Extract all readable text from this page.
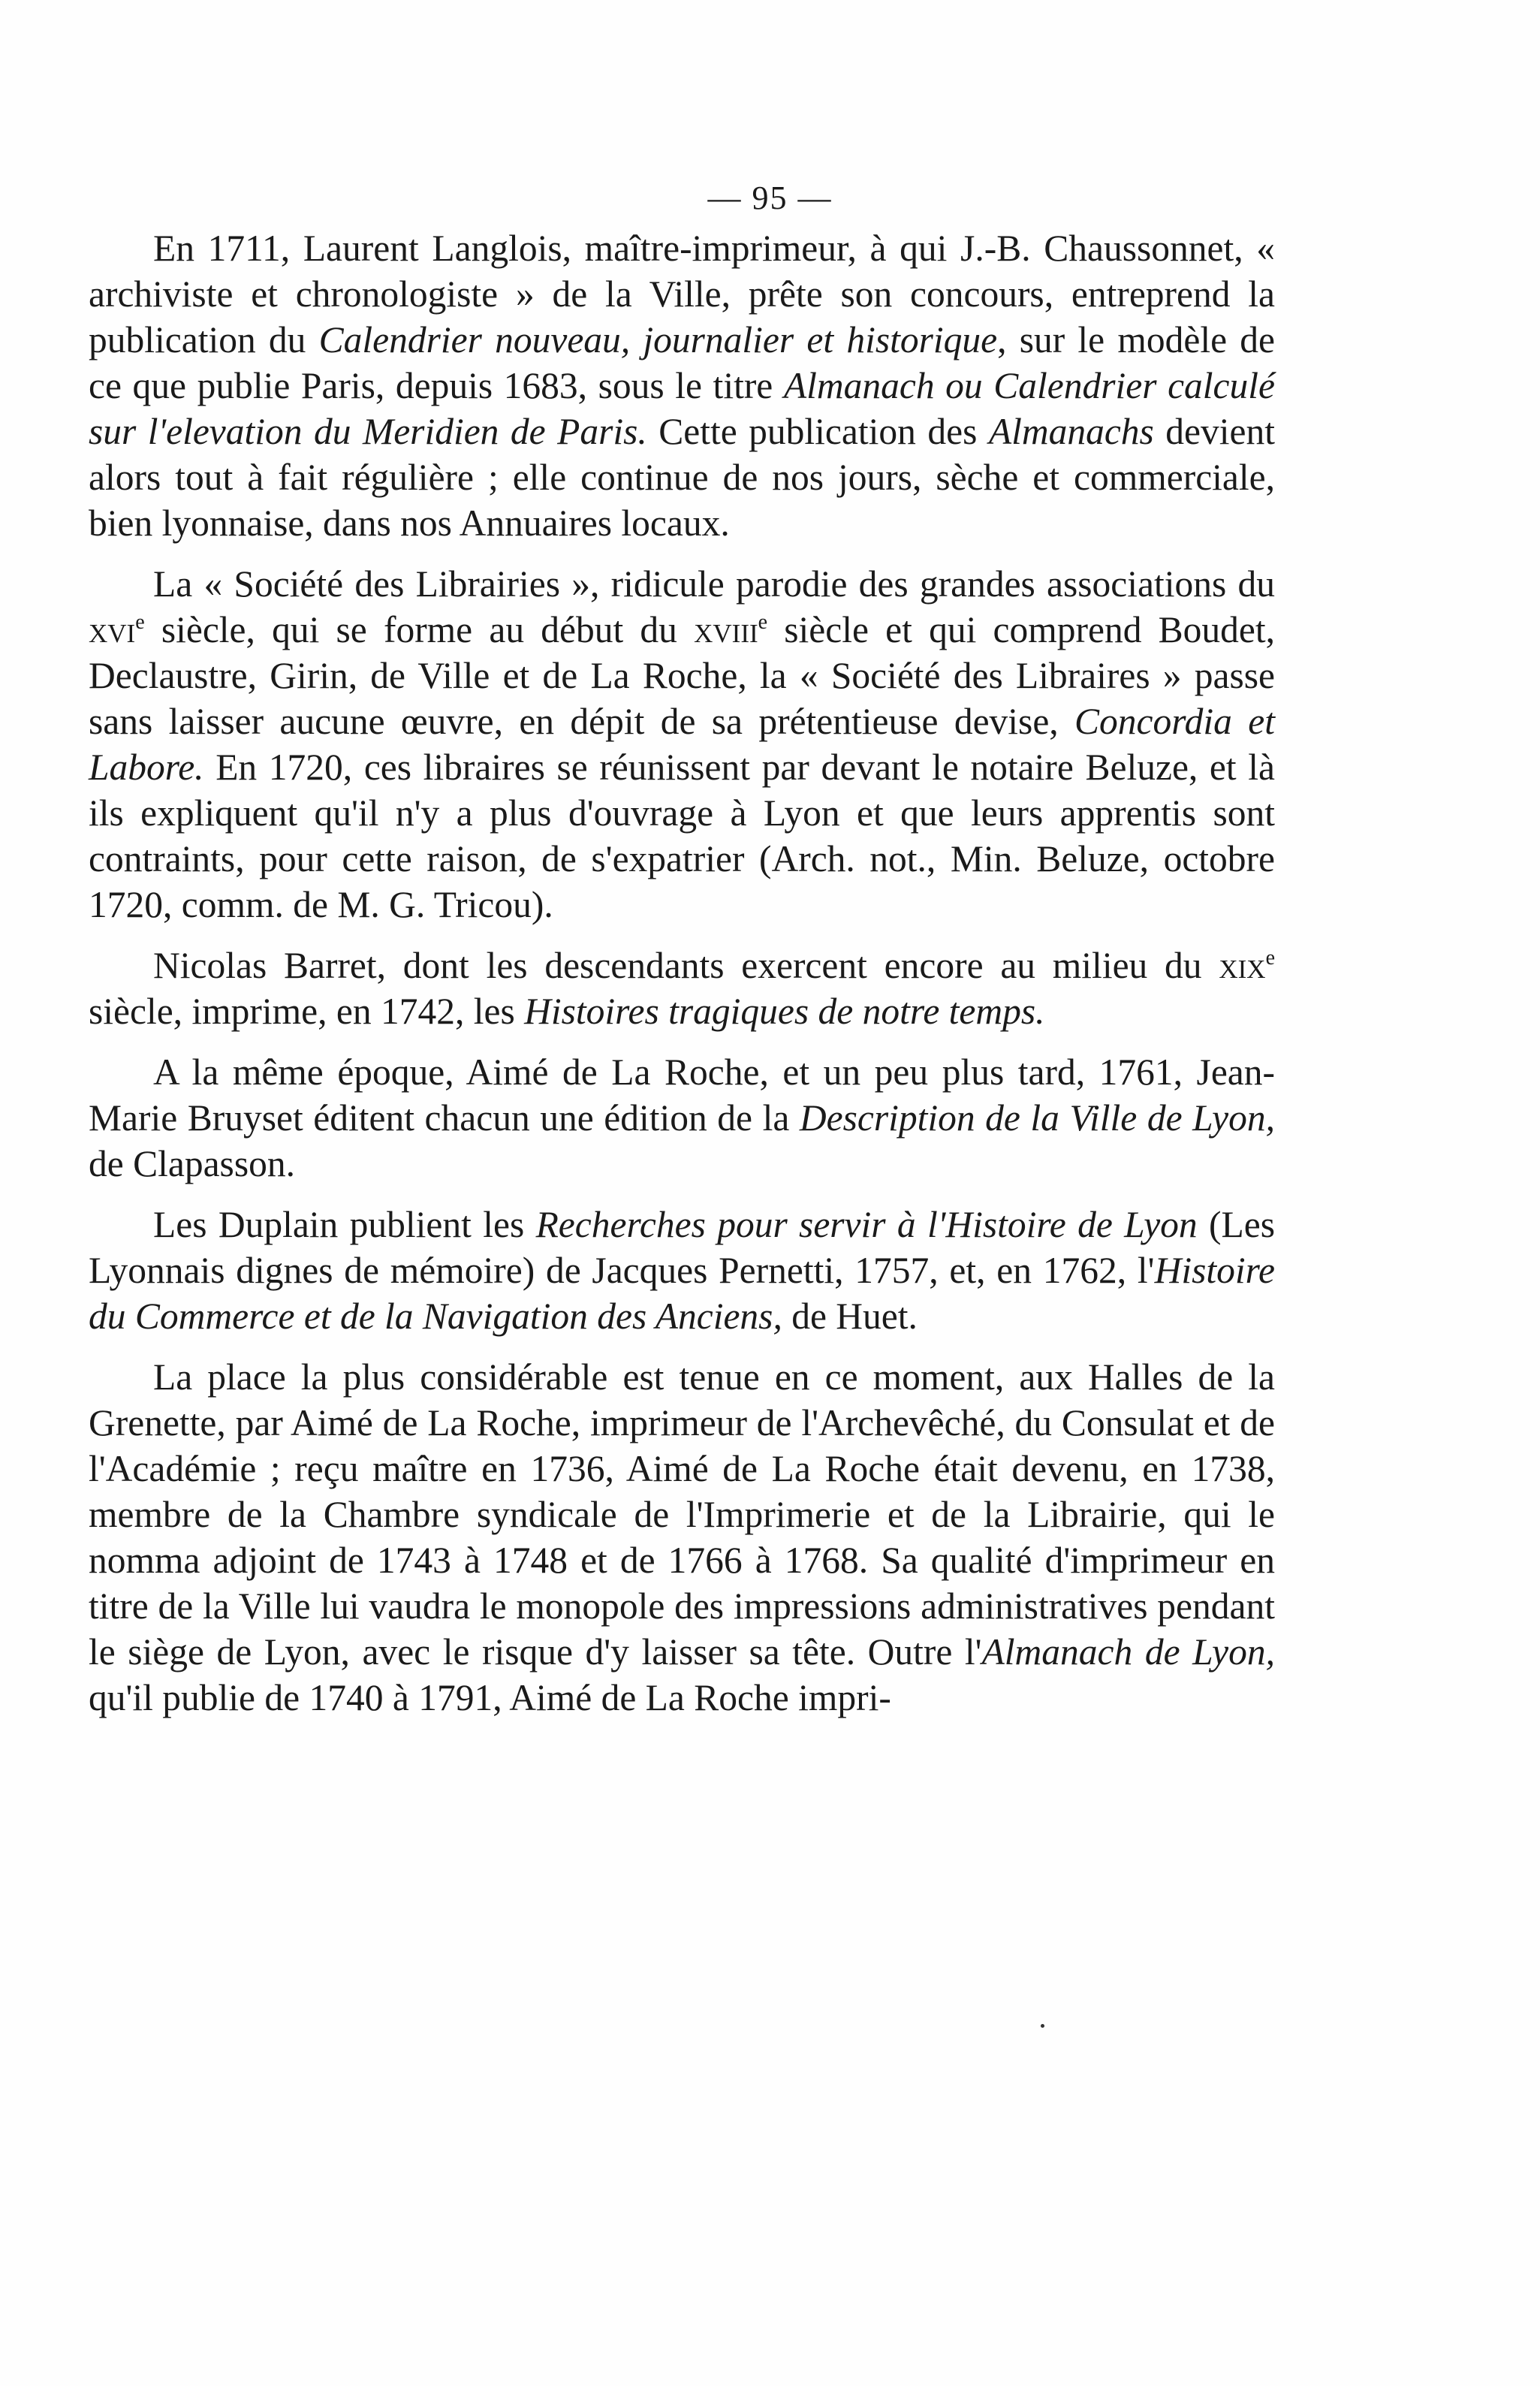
— 95 —

En 1711, Laurent Langlois, maître-imprimeur, à qui J.-B. Chaussonnet, « archiviste et chronologiste » de la Ville, prête son concours, entreprend la publication du Calendrier nouveau, journalier et historique, sur le modèle de ce que publie Paris, depuis 1683, sous le titre Almanach ou Calendrier calculé sur l'elevation du Meridien de Paris. Cette publication des Almanachs devient alors tout à fait régulière ; elle continue de nos jours, sèche et commerciale, bien lyonnaise, dans nos Annuaires locaux.

La « Société des Librairies », ridicule parodie des grandes associations du xvi$^e$ siècle, qui se forme au début du xviii$^e$ siècle et qui comprend Boudet, Declaustre, Girin, de Ville et de La Roche, la « Société des Libraires » passe sans laisser aucune œuvre, en dépit de sa prétentieuse devise, Concordia et Labore. En 1720, ces libraires se réunissent par devant le notaire Beluze, et là ils expliquent qu'il n'y a plus d'ouvrage à Lyon et que leurs apprentis sont contraints, pour cette raison, de s'expatrier (Arch. not., Min. Beluze, octobre 1720, comm. de M. G. Tricou).

Nicolas Barret, dont les descendants exercent encore au milieu du xix$^e$ siècle, imprime, en 1742, les Histoires tragiques de notre temps.

A la même époque, Aimé de La Roche, et un peu plus tard, 1761, Jean-Marie Bruyset éditent chacun une édition de la Description de la Ville de Lyon, de Clapasson.

Les Duplain publient les Recherches pour servir à l'Histoire de Lyon (Les Lyonnais dignes de mémoire) de Jacques Pernetti, 1757, et, en 1762, l'Histoire du Commerce et de la Navigation des Anciens, de Huet.

La place la plus considérable est tenue en ce moment, aux Halles de la Grenette, par Aimé de La Roche, imprimeur de l'Archevêché, du Consulat et de l'Académie ; reçu maître en 1736, Aimé de La Roche était devenu, en 1738, membre de la Chambre syndicale de l'Imprimerie et de la Librairie, qui le nomma adjoint de 1743 à 1748 et de 1766 à 1768. Sa qualité d'imprimeur en titre de la Ville lui vaudra le monopole des impressions administratives pendant le siège de Lyon, avec le risque d'y laisser sa tête. Outre l'Almanach de Lyon, qu'il publie de 1740 à 1791, Aimé de La Roche impri-
